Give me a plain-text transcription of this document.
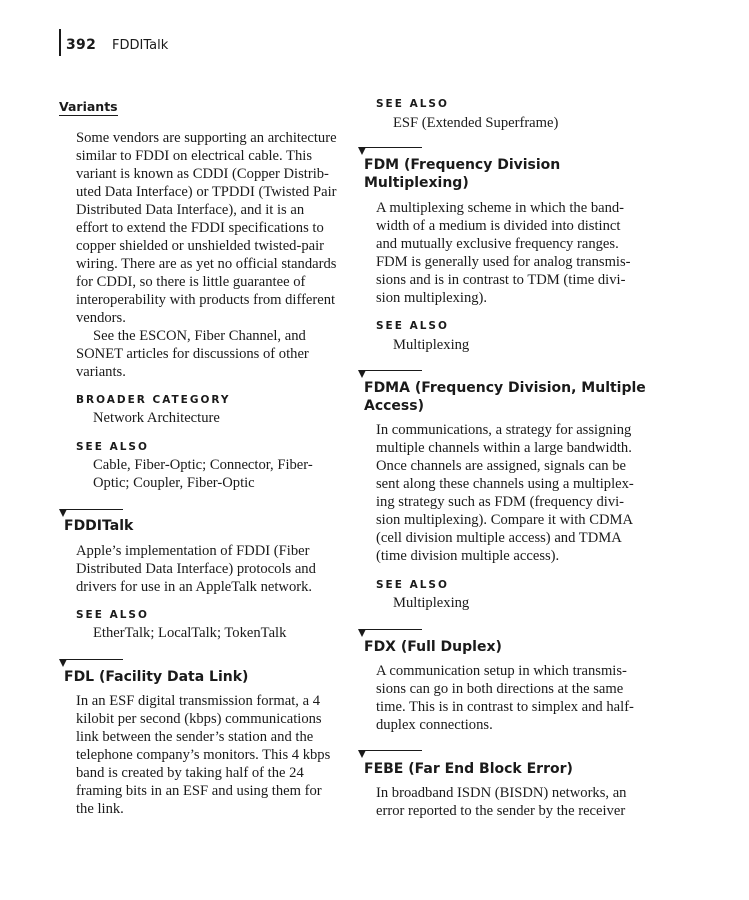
392 FDDITalk
Variants
Some vendors are supporting an architecture
similar to FDDI on electrical cable. This
variant is known as CDDI (Copper Distrib-
uted Data Interface) or TPDDI (Twisted Pair
Distributed Data Interface), and it is an
effort to extend the FDDI specifications to
copper shielded or unshielded twisted-pair
wiring. There are as yet no official standards
for CDDI, so there is little guarantee of
interoperability with products from different
vendors.
See the ESCON, Fiber Channel, and
SONET articles for discussions of other
variants.
BROADER CATEGORY
Network Architecture
SEE ALSO
Cable, Fiber-Optic; Connector, Fiber-
Optic; Coupler, Fiber-Optic
FDDITalk
Apple’s implementation of FDDI (Fiber
Distributed Data Interface) protocols and
drivers for use in an AppleTalk network.
SEE ALSO
EtherTalk; LocalTalk; TokenTalk
FDL (Facility Data Link)
In an ESF digital transmission format, a 4
kilobit per second (kbps) communications
link between the sender’s station and the
telephone company’s monitors. This 4 kbps
band is created by taking half of the 24
framing bits in an ESF and using them for
the link.
SEE ALSO
ESF (Extended Superframe)
FDM (Frequency Division
Multiplexing)
A multiplexing scheme in which the band-
width of a medium is divided into distinct
and mutually exclusive frequency ranges.
FDM is generally used for analog transmis-
sions and is in contrast to TDM (time divi-
sion multiplexing).
SEE ALSO
Multiplexing
FDMA (Frequency Division, Multiple
Access)
In communications, a strategy for assigning
multiple channels within a large bandwidth.
Once channels are assigned, signals can be
sent along these channels using a multiplex-
ing strategy such as FDM (frequency divi-
sion multiplexing). Compare it with CDMA
(cell division multiple access) and TDMA
(time division multiple access).
SEE ALSO
Multiplexing
FDX (Full Duplex)
A communication setup in which transmis-
sions can go in both directions at the same
time. This is in contrast to simplex and half-
duplex connections.
FEBE (Far End Block Error)
In broadband ISDN (BISDN) networks, an
error reported to the sender by the receiver
